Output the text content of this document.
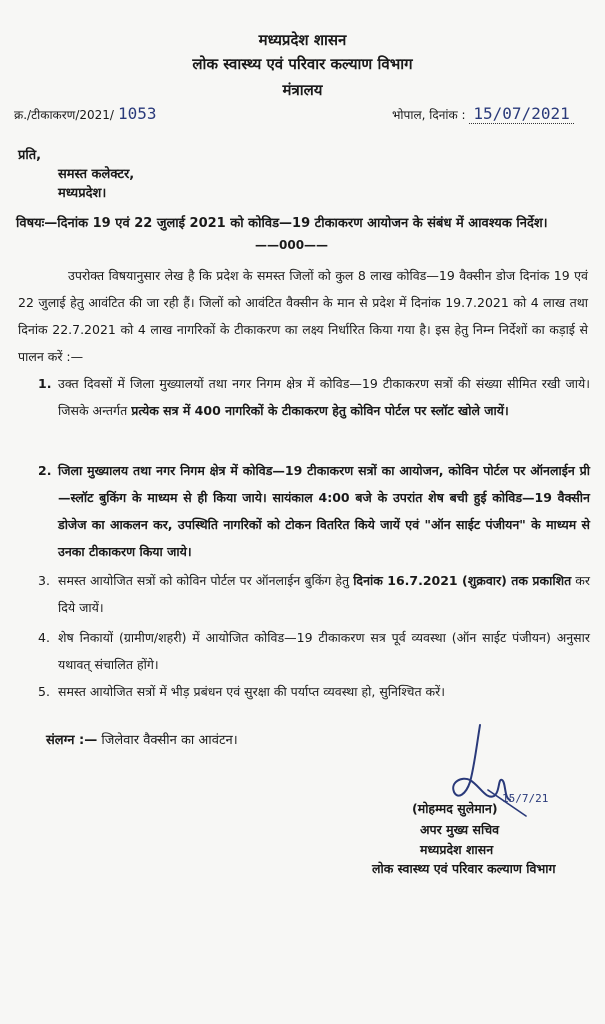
मध्यप्रदेश शासन
लोक स्वास्थ्य एवं परिवार कल्याण विभाग
मंत्रालय
क्र./टीकाकरण/2021/ 1053	भोपाल, दिनांक : 15/07/2021
प्रति,
समस्त कलेक्टर,
मध्यप्रदेश।
विषयः—दिनांक 19 एवं 22 जुलाई 2021 को कोविड—19 टीकाकरण आयोजन के संबंध में आवश्यक निर्देश।
——000——
उपरोक्त विषयानुसार लेख है कि प्रदेश के समस्त जिलों को कुल 8 लाख कोविड—19 वैक्सीन डोज दिनांक 19 एवं 22 जुलाई हेतु आवंटित की जा रही हैं। जिलों को आवंटित वैक्सीन के मान से प्रदेश में दिनांक 19.7.2021 को 4 लाख तथा दिनांक 22.7.2021 को 4 लाख नागरिकों के टीकाकरण का लक्ष्य निर्धारित किया गया है। इस हेतु निम्न निर्देशों का कड़ाई से पालन करें :—
1. उक्त दिवसों में जिला मुख्यालयों तथा नगर निगम क्षेत्र में कोविड—19 टीकाकरण सत्रों की संख्या सीमित रखी जाये। जिसके अन्तर्गत प्रत्येक सत्र में 400 नागरिकों के टीकाकरण हेतु कोविन पोर्टल पर स्लॉट खोले जायें।
2. जिला मुख्यालय तथा नगर निगम क्षेत्र में कोविड—19 टीकाकरण सत्रों का आयोजन, कोविन पोर्टल पर ऑनलाईन प्री—स्लॉट बुकिंग के माध्यम से ही किया जाये। सायंकाल 4:00 बजे के उपरांत शेष बची हुई कोविड—19 वैक्सीन डोजेज का आकलन कर, उपस्थिति नागरिकों को टोकन वितरित किये जायें एवं "ऑन साईट पंजीयन" के माध्यम से उनका टीकाकरण किया जाये।
3. समस्त आयोजित सत्रों को कोविन पोर्टल पर ऑनलाईन बुकिंग हेतु दिनांक 16.7.2021 (शुक्रवार) तक प्रकाशित कर दिये जायें।
4. शेष निकायों (ग्रामीण/शहरी) में आयोजित कोविड—19 टीकाकरण सत्र पूर्व व्यवस्था (ऑन साईट पंजीयन) अनुसार यथावत् संचालित होंगे।
5. समस्त आयोजित सत्रों में भीड़ प्रबंधन एवं सुरक्षा की पर्याप्त व्यवस्था हो, सुनिश्चित करें।
संलग्न :— जिलेवार वैक्सीन का आवंटन।
15/7/21
(मोहम्मद सुलेमान)
अपर मुख्य सचिव
मध्यप्रदेश शासन
लोक स्वास्थ्य एवं परिवार कल्याण विभाग
